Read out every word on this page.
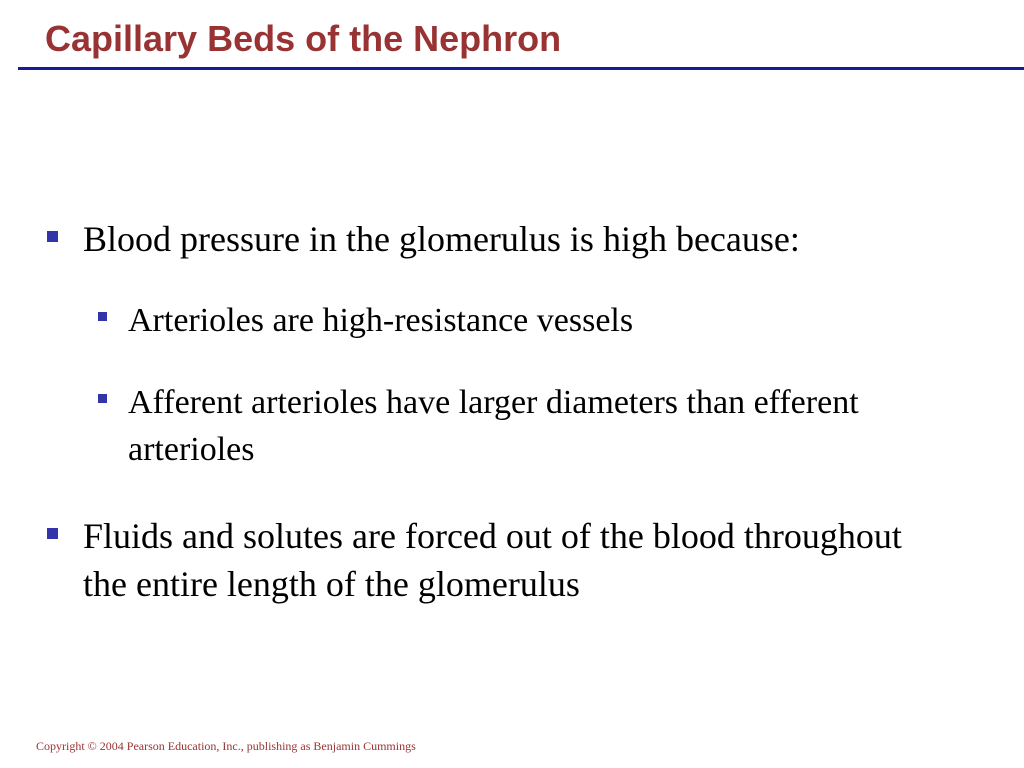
Capillary Beds of the Nephron
Blood pressure in the glomerulus is high because:
Arterioles are high-resistance vessels
Afferent arterioles have larger diameters than efferent arterioles
Fluids and solutes are forced out of the blood throughout the entire length of the glomerulus
Copyright © 2004 Pearson Education, Inc., publishing as Benjamin Cummings
